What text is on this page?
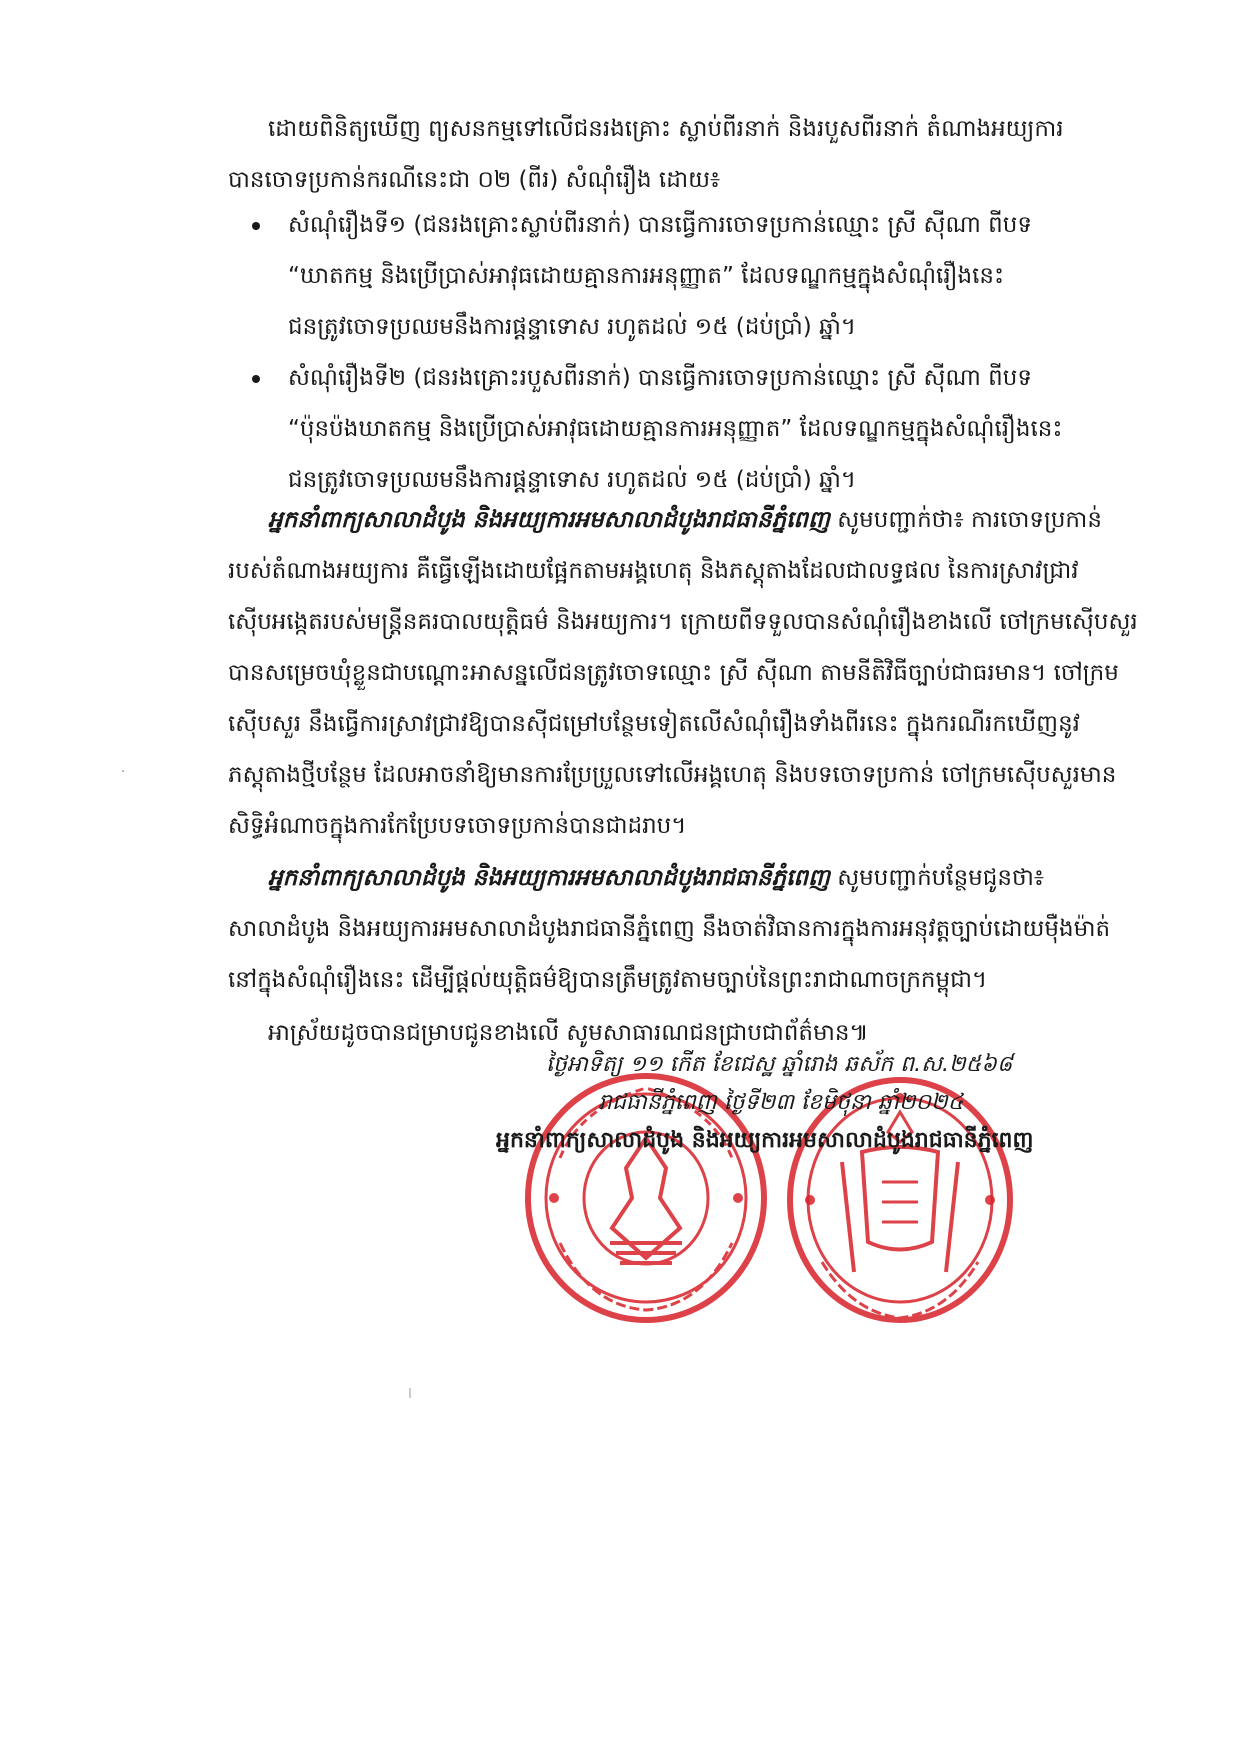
ដោយពិនិត្យឃើញ ព្យសនកម្មទៅលើជនរងគ្រោះ ស្លាប់ពីរនាក់ និងរបួសពីរនាក់ តំណាងអយ្យការ
បានចោទប្រកាន់ករណីនេះជា ០២ (ពីរ) សំណុំរឿង ដោយ៖
សំណុំរឿងទី១ (ជនរងគ្រោះស្លាប់ពីរនាក់) បានធ្វើការចោទប្រកាន់ឈ្មោះ ស្រី ស៊ីណា ពីបទ
“ឃាតកម្ម និងប្រើប្រាស់អាវុធដោយគ្មានការអនុញ្ញាត” ដែលទណ្ឌកម្មក្នុងសំណុំរឿងនេះ
ជនត្រូវចោទប្រឈមនឹងការផ្តន្ទាទោស រហូតដល់ ១៥ (ដប់ប្រាំ) ឆ្នាំ។
សំណុំរឿងទី២ (ជនរងគ្រោះរបួសពីរនាក់) បានធ្វើការចោទប្រកាន់ឈ្មោះ ស្រី ស៊ីណា ពីបទ
“ប៉ុនប៉ងឃាតកម្ម និងប្រើប្រាស់អាវុធដោយគ្មានការអនុញ្ញាត” ដែលទណ្ឌកម្មក្នុងសំណុំរឿងនេះ
ជនត្រូវចោទប្រឈមនឹងការផ្តន្ទាទោស រហូតដល់ ១៥ (ដប់ប្រាំ) ឆ្នាំ។
អ្នកនាំពាក្យសាលាដំបូង និងអយ្យការអមសាលាដំបូងរាជធានីភ្នំពេញ សូមបញ្ជាក់ថា៖ ការចោទប្រកាន់
របស់តំណាងអយ្យការ គឺធ្វើឡើងដោយផ្អែកតាមអង្គហេតុ និងភស្តុតាងដែលជាលទ្ធផល នៃការស្រាវជ្រាវ
ស៊ើបអង្កេតរបស់មន្ត្រីនគរបាលយុត្តិធម៌ និងអយ្យការ។ ក្រោយពីទទួលបានសំណុំរឿងខាងលើ ចៅក្រមស៊ើបសួរ
បានសម្រេចឃុំខ្លួនជាបណ្តោះអាសន្នលើជនត្រូវចោទឈ្មោះ ស្រី ស៊ីណា តាមនីតិវិធីច្បាប់ជាធរមាន។ ចៅក្រម
ស៊ើបសួរ នឹងធ្វើការស្រាវជ្រាវឱ្យបានស៊ីជម្រៅបន្ថែមទៀតលើសំណុំរឿងទាំងពីរនេះ ក្នុងករណីរកឃើញនូវ
ភស្តុតាងថ្មីបន្ថែម ដែលអាចនាំឱ្យមានការប្រែប្រួលទៅលើអង្គហេតុ និងបទចោទប្រកាន់ ចៅក្រមស៊ើបសួរមាន
សិទ្ធិអំណាចក្នុងការកែប្រែបទចោទប្រកាន់បានជាដរាប។
អ្នកនាំពាក្យសាលាដំបូង និងអយ្យការអមសាលាដំបូងរាជធានីភ្នំពេញ សូមបញ្ជាក់បន្ថែមជូនថា៖
សាលាដំបូង និងអយ្យការអមសាលាដំបូងរាជធានីភ្នំពេញ នឹងចាត់វិធានការក្នុងការអនុវត្តច្បាប់ដោយម៉ឺងម៉ាត់
នៅក្នុងសំណុំរឿងនេះ ដើម្បីផ្តល់យុត្តិធម៌ឱ្យបានត្រឹមត្រូវតាមច្បាប់នៃព្រះរាជាណាចក្រកម្ពុជា។
អាស្រ័យដូចបានជម្រាបជូនខាងលើ សូមសាធារណជនជ្រាបជាព័ត៌មាន៕
ថ្ងៃអាទិត្យ ១១ កើត ខែជេស្ឋ ឆ្នាំរោង ឆស័ក ព.ស.២៥៦៨
រាជធានីភ្នំពេញ ថ្ងៃទី២៣ ខែមិថុនា ឆ្នាំ២០២៤
អ្នកនាំពាក្យសាលាដំបូង និងអយ្យការអមសាលាដំបូងរាជធានីភ្នំពេញ
